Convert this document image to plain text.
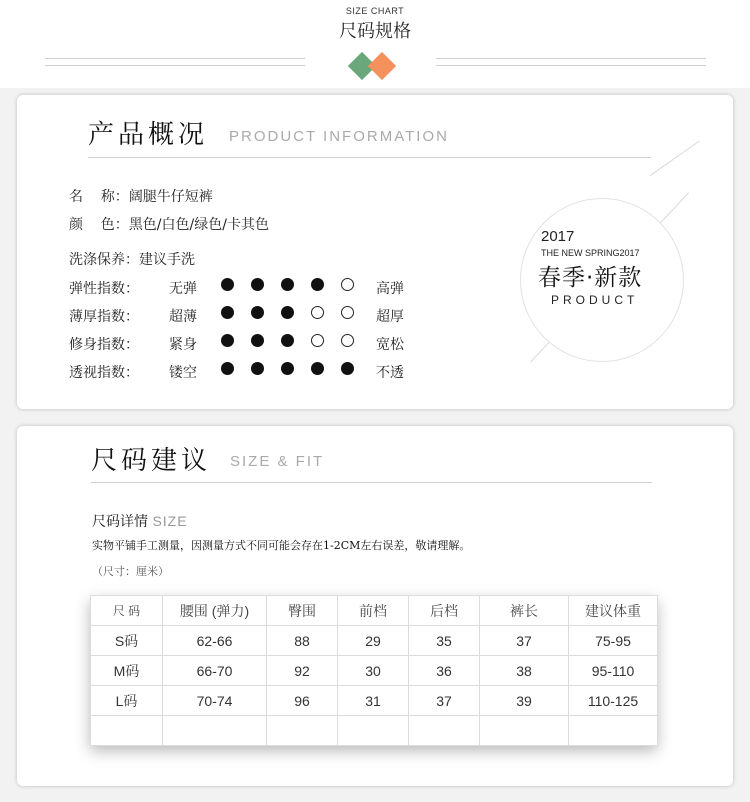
SIZE CHART
尺码规格
产品概况 PRODUCT INFORMATION
名    称：阔腿牛仔短裤
颜    色：黑色/白色/绿色/卡其色
洗涤保养：建议手洗
弹性指数： 无弹	高弹
薄厚指数： 超薄	超厚
修身指数： 紧身	宽松
透视指数： 镂空	不透
2017
THE NEW SPRING2017
春季·新款
PRODUCT
尺码建议 SIZE & FIT
尺码详情 SIZE
实物平铺手工测量，因测量方式不同可能会存在1-2CM左右误差，敬请理解。
（尺寸：厘米）
尺 码	腰围 (弹力)	臀围	前档	后档	裤长	建议体重
S码	62-66	88	29	35	37	75-95
M码	66-70	92	30	36	38	95-110
L码	70-74	96	31	37	39	110-125
